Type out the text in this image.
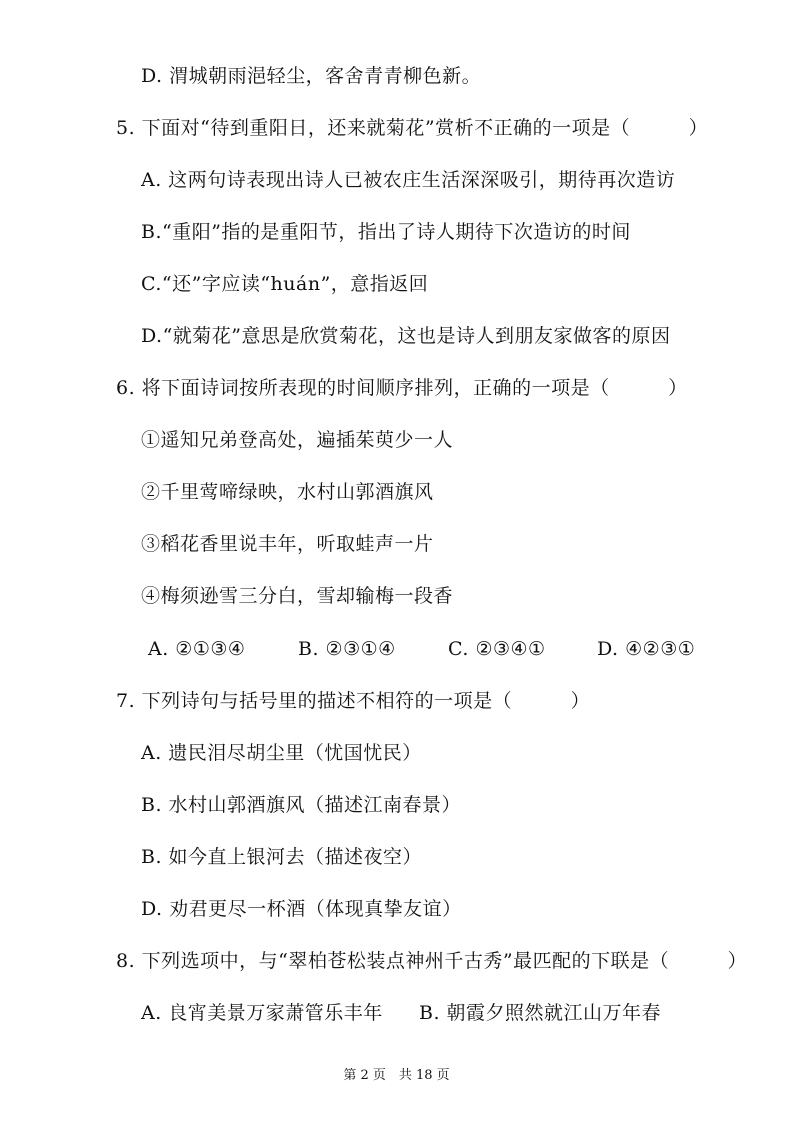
D. 渭城朝雨浥轻尘，客舍青青柳色新。
5. 下面对“待到重阳日，还来就菊花”赏析不正确的一项是（　　　）
A. 这两句诗表现出诗人已被农庄生活深深吸引，期待再次造访
B.“重阳”指的是重阳节，指出了诗人期待下次造访的时间
C.“还”字应读“huán”，意指返回
D.“就菊花”意思是欣赏菊花，这也是诗人到朋友家做客的原因
6. 将下面诗词按所表现的时间顺序排列，正确的一项是（　　　）
①遥知兄弟登高处，遍插茱萸少一人
②千里莺啼绿映，水村山郭酒旗风
③稻花香里说丰年，听取蛙声一片
④梅须逊雪三分白，雪却输梅一段香
A. ②①③④	B. ②③①④	C. ②③④①	D. ④②③①
7. 下列诗句与括号里的描述不相符的一项是（　　　）
A. 遗民泪尽胡尘里（忧国忧民）
B. 水村山郭酒旗风（描述江南春景）
B. 如今直上银河去（描述夜空）
D. 劝君更尽一杯酒（体现真挚友谊）
8. 下列选项中，与“翠柏苍松装点神州千古秀”最匹配的下联是（　　　）
A. 良宵美景万家萧管乐丰年 B. 朝霞夕照然就江山万年春
第 2 页　共 18 页
